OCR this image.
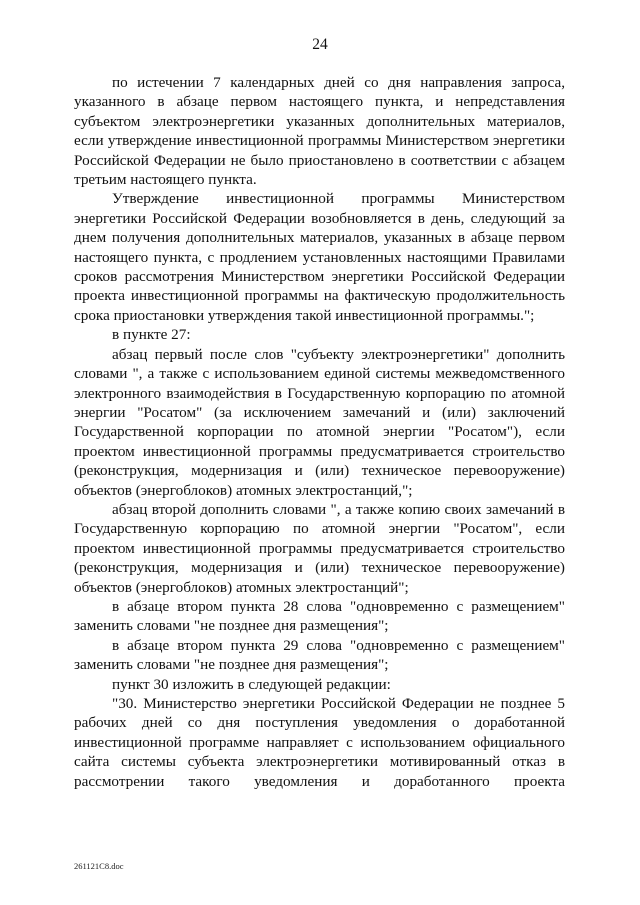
24

по истечении 7 календарных дней со дня направления запроса, указанного в абзаце первом настоящего пункта, и непредставления субъектом электроэнергетики указанных дополнительных материалов, если утверждение инвестиционной программы Министерством энергетики Российской Федерации не было приостановлено в соответствии с абзацем третьим настоящего пункта.

Утверждение инвестиционной программы Министерством энергетики Российской Федерации возобновляется в день, следующий за днем получения дополнительных материалов, указанных в абзаце первом настоящего пункта, с продлением установленных настоящими Правилами сроков рассмотрения Министерством энергетики Российской Федерации проекта инвестиционной программы на фактическую продолжительность срока приостановки утверждения такой инвестиционной программы.";

в пункте 27:

абзац первый после слов "субъекту электроэнергетики" дополнить словами ", а также с использованием единой системы межведомственного электронного взаимодействия в Государственную корпорацию по атомной энергии "Росатом" (за исключением замечаний и (или) заключений Государственной корпорации по атомной энергии "Росатом"), если проектом инвестиционной программы предусматривается строительство (реконструкция, модернизация и (или) техническое перевооружение) объектов (энергоблоков) атомных электростанций,";

абзац второй дополнить словами ", а также копию своих замечаний в Государственную корпорацию по атомной энергии "Росатом", если проектом инвестиционной программы предусматривается строительство (реконструкция, модернизация и (или) техническое перевооружение) объектов (энергоблоков) атомных электростанций";

в абзаце втором пункта 28 слова "одновременно с размещением" заменить словами "не позднее дня размещения";

в абзаце втором пункта 29 слова "одновременно с размещением" заменить словами "не позднее дня размещения";

пункт 30 изложить в следующей редакции:

"30. Министерство энергетики Российской Федерации не позднее 5 рабочих дней со дня поступления уведомления о доработанной инвестиционной программе направляет с использованием официального сайта системы субъекта электроэнергетики мотивированный отказ в рассмотрении такого уведомления и доработанного проекта

261121C8.doc
